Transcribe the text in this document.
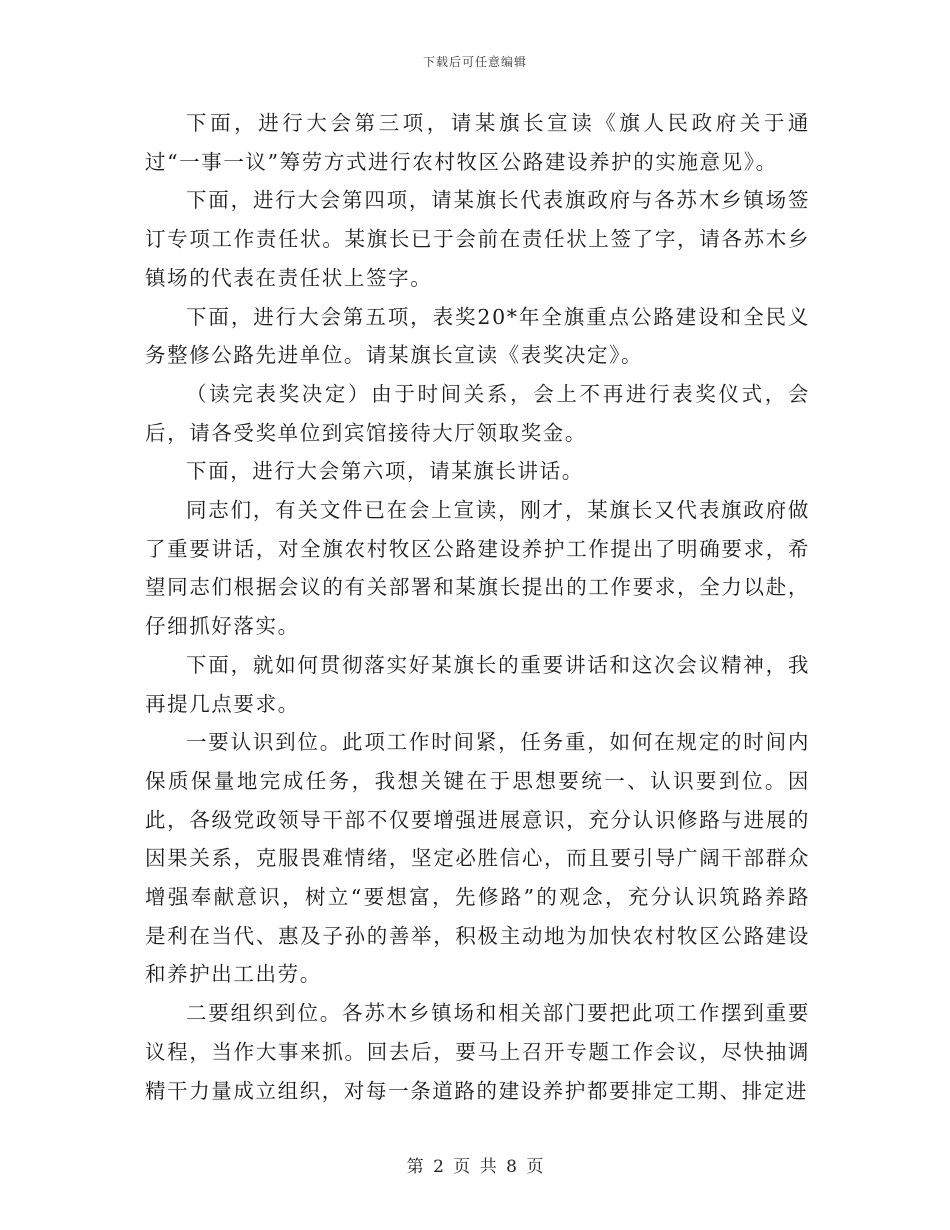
下载后可任意编辑

下面，进行大会第三项，请某旗长宣读《旗人民政府关于通过“一事一议”筹劳方式进行农村牧区公路建设养护的实施意见》。

下面，进行大会第四项，请某旗长代表旗政府与各苏木乡镇场签订专项工作责任状。某旗长已于会前在责任状上签了字，请各苏木乡镇场的代表在责任状上签字。

下面，进行大会第五项，表奖20*年全旗重点公路建设和全民义务整修公路先进单位。请某旗长宣读《表奖决定》。

（读完表奖决定）由于时间关系，会上不再进行表奖仪式，会后，请各受奖单位到宾馆接待大厅领取奖金。

下面，进行大会第六项，请某旗长讲话。

同志们，有关文件已在会上宣读，刚才，某旗长又代表旗政府做了重要讲话，对全旗农村牧区公路建设养护工作提出了明确要求，希望同志们根据会议的有关部署和某旗长提出的工作要求，全力以赴，仔细抓好落实。

下面，就如何贯彻落实好某旗长的重要讲话和这次会议精神，我再提几点要求。

一要认识到位。此项工作时间紧，任务重，如何在规定的时间内保质保量地完成任务，我想关键在于思想要统一、认识要到位。因此，各级党政领导干部不仅要增强进展意识，充分认识修路与进展的因果关系，克服畏难情绪，坚定必胜信心，而且要引导广阔干部群众增强奉献意识，树立“要想富，先修路”的观念，充分认识筑路养路是利在当代、惠及子孙的善举，积极主动地为加快农村牧区公路建设和养护出工出劳。

二要组织到位。各苏木乡镇场和相关部门要把此项工作摆到重要议程，当作大事来抓。回去后，要马上召开专题工作会议，尽快抽调精干力量成立组织，对每一条道路的建设养护都要排定工期、排定进

第 2 页 共 8 页
